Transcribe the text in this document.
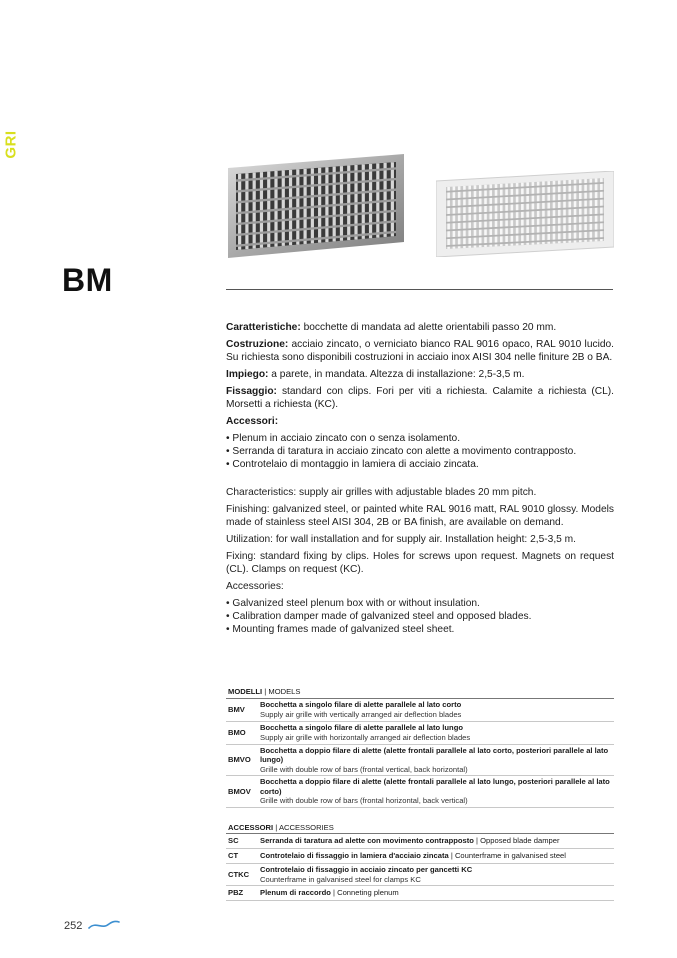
GRI
BM

Caratteristiche: bocchette di mandata ad alette orientabili passo 20 mm.

Costruzione: acciaio zincato, o verniciato bianco RAL 9016 opaco, RAL 9010 lucido. Su richiesta sono disponibili costruzioni in acciaio inox AISI 304 nelle finiture 2B o BA.

Impiego: a parete, in mandata. Altezza di installazione: 2,5-3,5 m.

Fissaggio: standard con clips. Fori per viti a richiesta. Calamite a richiesta (CL). Morsetti a richiesta (KC).

Accessori:

• Plenum in acciaio zincato con o senza isolamento.
• Serranda di taratura in acciaio zincato con alette a movimento contrapposto.
• Controtelaio di montaggio in lamiera di acciaio zincata.

Characteristics: supply air grilles with adjustable blades 20 mm pitch.

Finishing: galvanized steel, or painted white RAL 9016 matt, RAL 9010 glossy. Models made of stainless steel AISI 304, 2B or BA finish, are available on demand.

Utilization: for wall installation and for supply air. Installation height: 2,5-3,5 m.

Fixing: standard fixing by clips. Holes for screws upon request. Magnets on request (CL). Clamps on request (KC).

Accessories:

• Galvanized steel plenum box with or without insulation.
• Calibration damper made of galvanized steel and opposed blades.
• Mounting frames made of galvanized steel sheet.
MODELLI | MODELS	
BMV	Bocchetta a singolo filare di alette parallele al lato corto
Supply air grille with vertically arranged air deflection blades

BMO	Bocchetta a singolo filare di alette parallele al lato lungo
Supply air grille with horizontally arranged air deflection blades

BMVO	Bocchetta a doppio filare di alette (alette frontali parallele al lato corto, posteriori parallele al lato lungo)
Grille with double row of bars (frontal vertical, back horizontal)

BMOV	Bocchetta a doppio filare di alette (alette frontali parallele al lato lungo, posteriori parallele al lato corto)
Grille with double row of bars (frontal horizontal, back vertical)
ACCESSORI | ACCESSORIES	
SC	Serranda di taratura ad alette con movimento contrapposto | Opposed blade damper
CT	Controtelaio di fissaggio in lamiera d'acciaio zincata | Counterframe in galvanised steel
CTKC	Controtelaio di fissaggio in acciaio zincato per gancetti KC
Counterframe in galvanised steel for clamps KC

PBZ	Plenum di raccordo | Conneting plenum
252
